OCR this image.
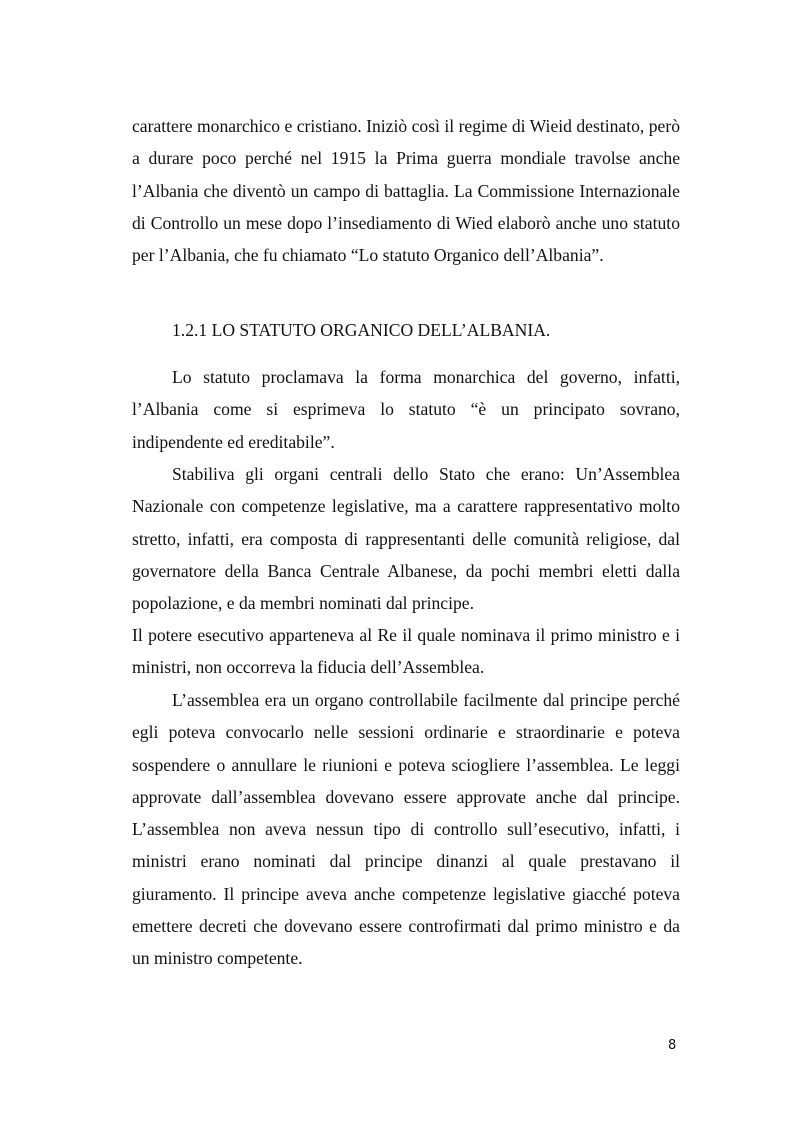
carattere monarchico e cristiano. Iniziò così il regime di Wieid destinato, però a durare poco perché nel 1915 la Prima guerra mondiale travolse anche l’Albania che diventò un campo di battaglia. La Commissione Internazionale di Controllo un mese dopo l’insediamento di Wied elaborò anche uno statuto per l’Albania, che fu chiamato “Lo statuto Organico dell’Albania”.

1.2.1 LO STATUTO ORGANICO DELL’ALBANIA.

Lo statuto proclamava la forma monarchica del governo, infatti, l’Albania come si esprimeva lo statuto “è un principato sovrano, indipendente ed ereditabile”.

Stabiliva gli organi centrali dello Stato che erano: Un’Assemblea Nazionale con competenze legislative, ma a carattere rappresentativo molto stretto, infatti, era composta di rappresentanti delle comunità religiose, dal governatore della Banca Centrale Albanese, da pochi membri eletti dalla popolazione, e da membri nominati dal principe.

Il potere esecutivo apparteneva al Re il quale nominava il primo ministro e i ministri, non occorreva la fiducia dell’Assemblea.

L’assemblea era un organo controllabile facilmente dal principe perché egli poteva convocarlo nelle sessioni ordinarie e straordinarie e poteva sospendere o annullare le riunioni e poteva sciogliere l’assemblea. Le leggi approvate dall’assemblea dovevano essere approvate anche dal principe. L’assemblea non aveva nessun tipo di controllo sull’esecutivo, infatti, i ministri erano nominati dal principe dinanzi al quale prestavano il giuramento. Il principe aveva anche competenze legislative giacché poteva emettere decreti che dovevano essere controfirmati dal primo ministro e da un ministro competente.

8
